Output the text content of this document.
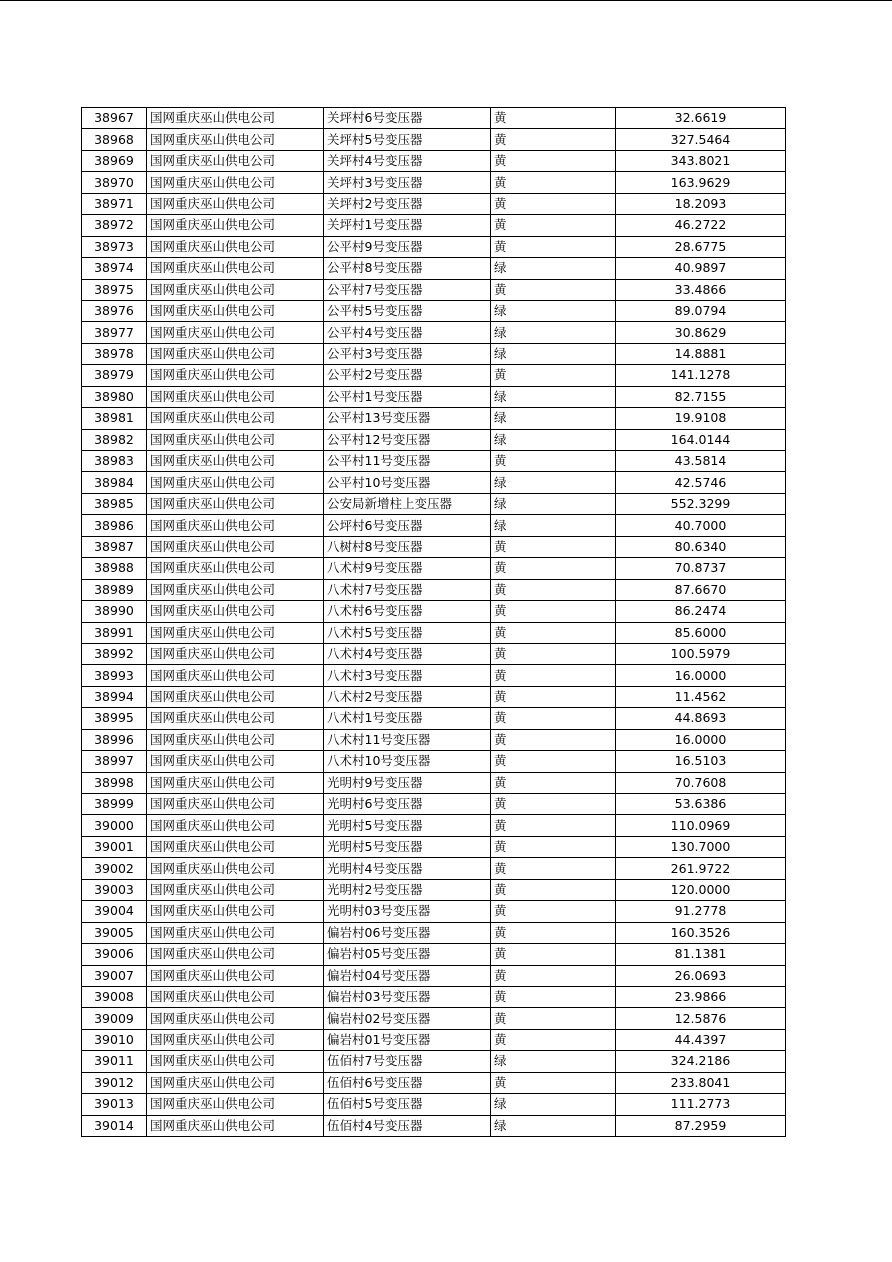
38967	国网重庆巫山供电公司	关坪村6号变压器	黄	32.6619
38968	国网重庆巫山供电公司	关坪村5号变压器	黄	327.5464
38969	国网重庆巫山供电公司	关坪村4号变压器	黄	343.8021
38970	国网重庆巫山供电公司	关坪村3号变压器	黄	163.9629
38971	国网重庆巫山供电公司	关坪村2号变压器	黄	18.2093
38972	国网重庆巫山供电公司	关坪村1号变压器	黄	46.2722
38973	国网重庆巫山供电公司	公平村9号变压器	黄	28.6775
38974	国网重庆巫山供电公司	公平村8号变压器	绿	40.9897
38975	国网重庆巫山供电公司	公平村7号变压器	黄	33.4866
38976	国网重庆巫山供电公司	公平村5号变压器	绿	89.0794
38977	国网重庆巫山供电公司	公平村4号变压器	绿	30.8629
38978	国网重庆巫山供电公司	公平村3号变压器	绿	14.8881
38979	国网重庆巫山供电公司	公平村2号变压器	黄	141.1278
38980	国网重庆巫山供电公司	公平村1号变压器	绿	82.7155
38981	国网重庆巫山供电公司	公平村13号变压器	绿	19.9108
38982	国网重庆巫山供电公司	公平村12号变压器	绿	164.0144
38983	国网重庆巫山供电公司	公平村11号变压器	黄	43.5814
38984	国网重庆巫山供电公司	公平村10号变压器	绿	42.5746
38985	国网重庆巫山供电公司	公安局新增柱上变压器	绿	552.3299
38986	国网重庆巫山供电公司	公坪村6号变压器	绿	40.7000
38987	国网重庆巫山供电公司	八树村8号变压器	黄	80.6340
38988	国网重庆巫山供电公司	八术村9号变压器	黄	70.8737
38989	国网重庆巫山供电公司	八术村7号变压器	黄	87.6670
38990	国网重庆巫山供电公司	八术村6号变压器	黄	86.2474
38991	国网重庆巫山供电公司	八术村5号变压器	黄	85.6000
38992	国网重庆巫山供电公司	八术村4号变压器	黄	100.5979
38993	国网重庆巫山供电公司	八术村3号变压器	黄	16.0000
38994	国网重庆巫山供电公司	八术村2号变压器	黄	11.4562
38995	国网重庆巫山供电公司	八术村1号变压器	黄	44.8693
38996	国网重庆巫山供电公司	八术村11号变压器	黄	16.0000
38997	国网重庆巫山供电公司	八术村10号变压器	黄	16.5103
38998	国网重庆巫山供电公司	光明村9号变压器	黄	70.7608
38999	国网重庆巫山供电公司	光明村6号变压器	黄	53.6386
39000	国网重庆巫山供电公司	光明村5号变压器	黄	110.0969
39001	国网重庆巫山供电公司	光明村5号变压器	黄	130.7000
39002	国网重庆巫山供电公司	光明村4号变压器	黄	261.9722
39003	国网重庆巫山供电公司	光明村2号变压器	黄	120.0000
39004	国网重庆巫山供电公司	光明村03号变压器	黄	91.2778
39005	国网重庆巫山供电公司	偏岩村06号变压器	黄	160.3526
39006	国网重庆巫山供电公司	偏岩村05号变压器	黄	81.1381
39007	国网重庆巫山供电公司	偏岩村04号变压器	黄	26.0693
39008	国网重庆巫山供电公司	偏岩村03号变压器	黄	23.9866
39009	国网重庆巫山供电公司	偏岩村02号变压器	黄	12.5876
39010	国网重庆巫山供电公司	偏岩村01号变压器	黄	44.4397
39011	国网重庆巫山供电公司	伍佰村7号变压器	绿	324.2186
39012	国网重庆巫山供电公司	伍佰村6号变压器	黄	233.8041
39013	国网重庆巫山供电公司	伍佰村5号变压器	绿	111.2773
39014	国网重庆巫山供电公司	伍佰村4号变压器	绿	87.2959
